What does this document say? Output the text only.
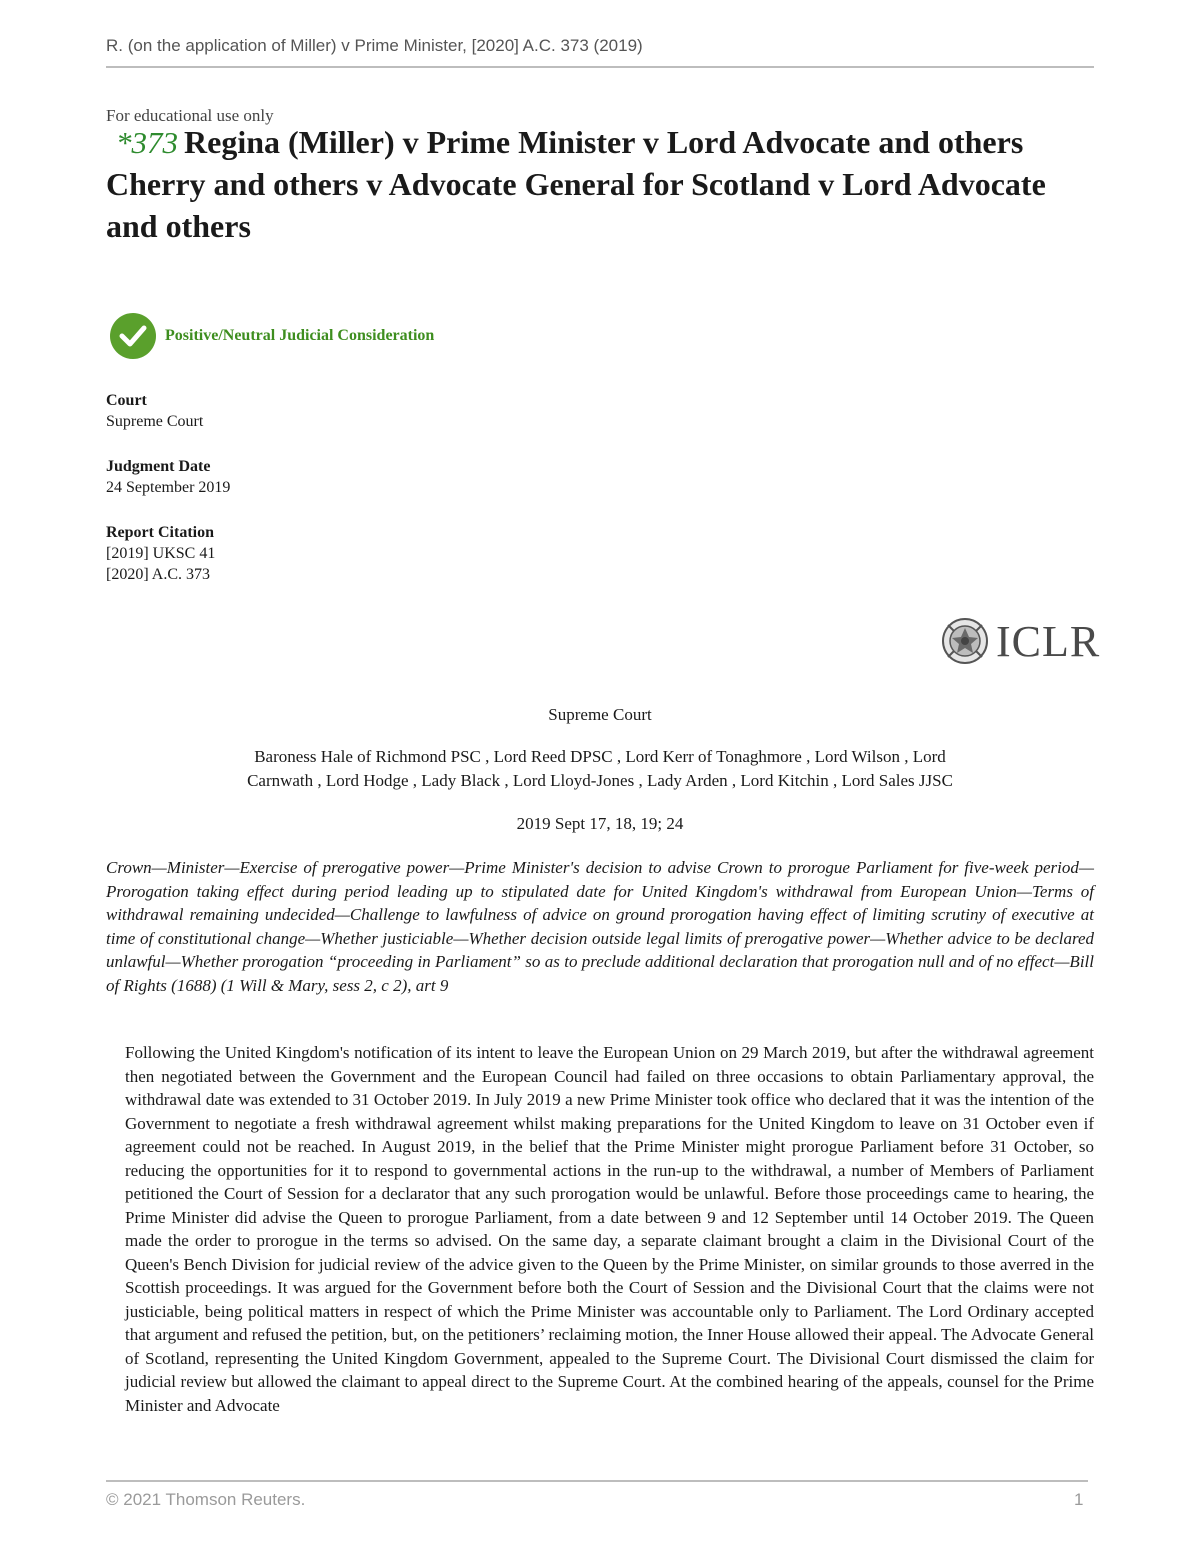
R. (on the application of Miller) v Prime Minister, [2020] A.C. 373 (2019)
For educational use only
*373 Regina (Miller) v Prime Minister v Lord Advocate and others
Cherry and others v Advocate General for Scotland v Lord Advocate and others
Positive/Neutral Judicial Consideration
Court
Supreme Court
Judgment Date
24 September 2019
Report Citation
[2019] UKSC 41
[2020] A.C. 373
ICLR
Supreme Court
Baroness Hale of Richmond PSC , Lord Reed DPSC , Lord Kerr of Tonaghmore , Lord Wilson , Lord
Carnwath , Lord Hodge , Lady Black , Lord Lloyd-Jones , Lady Arden , Lord Kitchin , Lord Sales JJSC
2019 Sept 17, 18, 19; 24

Crown—Minister—Exercise of prerogative power—Prime Minister's decision to advise Crown to prorogue Parliament for five-week period—Prorogation taking effect during period leading up to stipulated date for United Kingdom's withdrawal from European Union—Terms of withdrawal remaining undecided—Challenge to lawfulness of advice on ground prorogation having effect of limiting scrutiny of executive at time of constitutional change—Whether justiciable—Whether decision outside legal limits of prerogative power—Whether advice to be declared unlawful—Whether prorogation “proceeding in Parliament” so as to preclude additional declaration that prorogation null and of no effect—Bill of Rights (1688) (1 Will & Mary, sess 2, c 2), art 9

Following the United Kingdom's notification of its intent to leave the European Union on 29 March 2019, but after the withdrawal agreement then negotiated between the Government and the European Council had failed on three occasions to obtain Parliamentary approval, the withdrawal date was extended to 31 October 2019. In July 2019 a new Prime Minister took office who declared that it was the intention of the Government to negotiate a fresh withdrawal agreement whilst making preparations for the United Kingdom to leave on 31 October even if agreement could not be reached. In August 2019, in the belief that the Prime Minister might prorogue Parliament before 31 October, so reducing the opportunities for it to respond to governmental actions in the run-up to the withdrawal, a number of Members of Parliament petitioned the Court of Session for a declarator that any such prorogation would be unlawful. Before those proceedings came to hearing, the Prime Minister did advise the Queen to prorogue Parliament, from a date between 9 and 12 September until 14 October 2019. The Queen made the order to prorogue in the terms so advised. On the same day, a separate claimant brought a claim in the Divisional Court of the Queen's Bench Division for judicial review of the advice given to the Queen by the Prime Minister, on similar grounds to those averred in the Scottish proceedings. It was argued for the Government before both the Court of Session and the Divisional Court that the claims were not justiciable, being political matters in respect of which the Prime Minister was accountable only to Parliament. The Lord Ordinary accepted that argument and refused the petition, but, on the petitioners’ reclaiming motion, the Inner House allowed their appeal. The Advocate General of Scotland, representing the United Kingdom Government, appealed to the Supreme Court. The Divisional Court dismissed the claim for judicial review but allowed the claimant to appeal direct to the Supreme Court. At the combined hearing of the appeals, counsel for the Prime Minister and Advocate

© 2021 Thomson Reuters.	1
